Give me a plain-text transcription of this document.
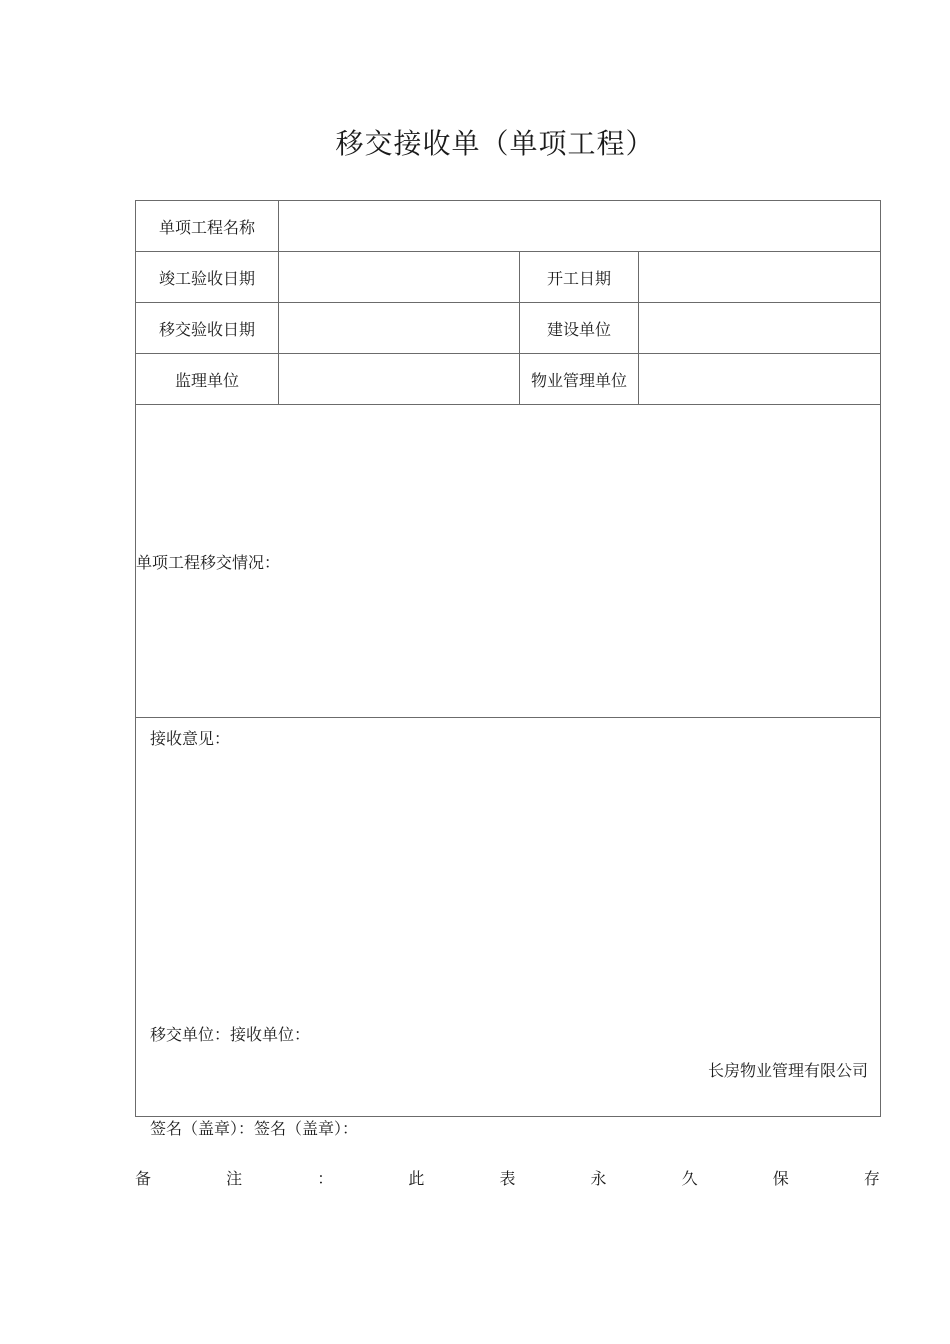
移交接收单（单项工程）
单项工程名称			
竣工验收日期		开工日期	
移交验收日期		建设单位	
监理单位		物业管理单位	
单项工程移交情况：			

接收意见：
移交单位：接收单位：
长房物业管理有限公司
签名（盖章）：签名（盖章）：			
备	注	：	此	表	永	久	保	存
